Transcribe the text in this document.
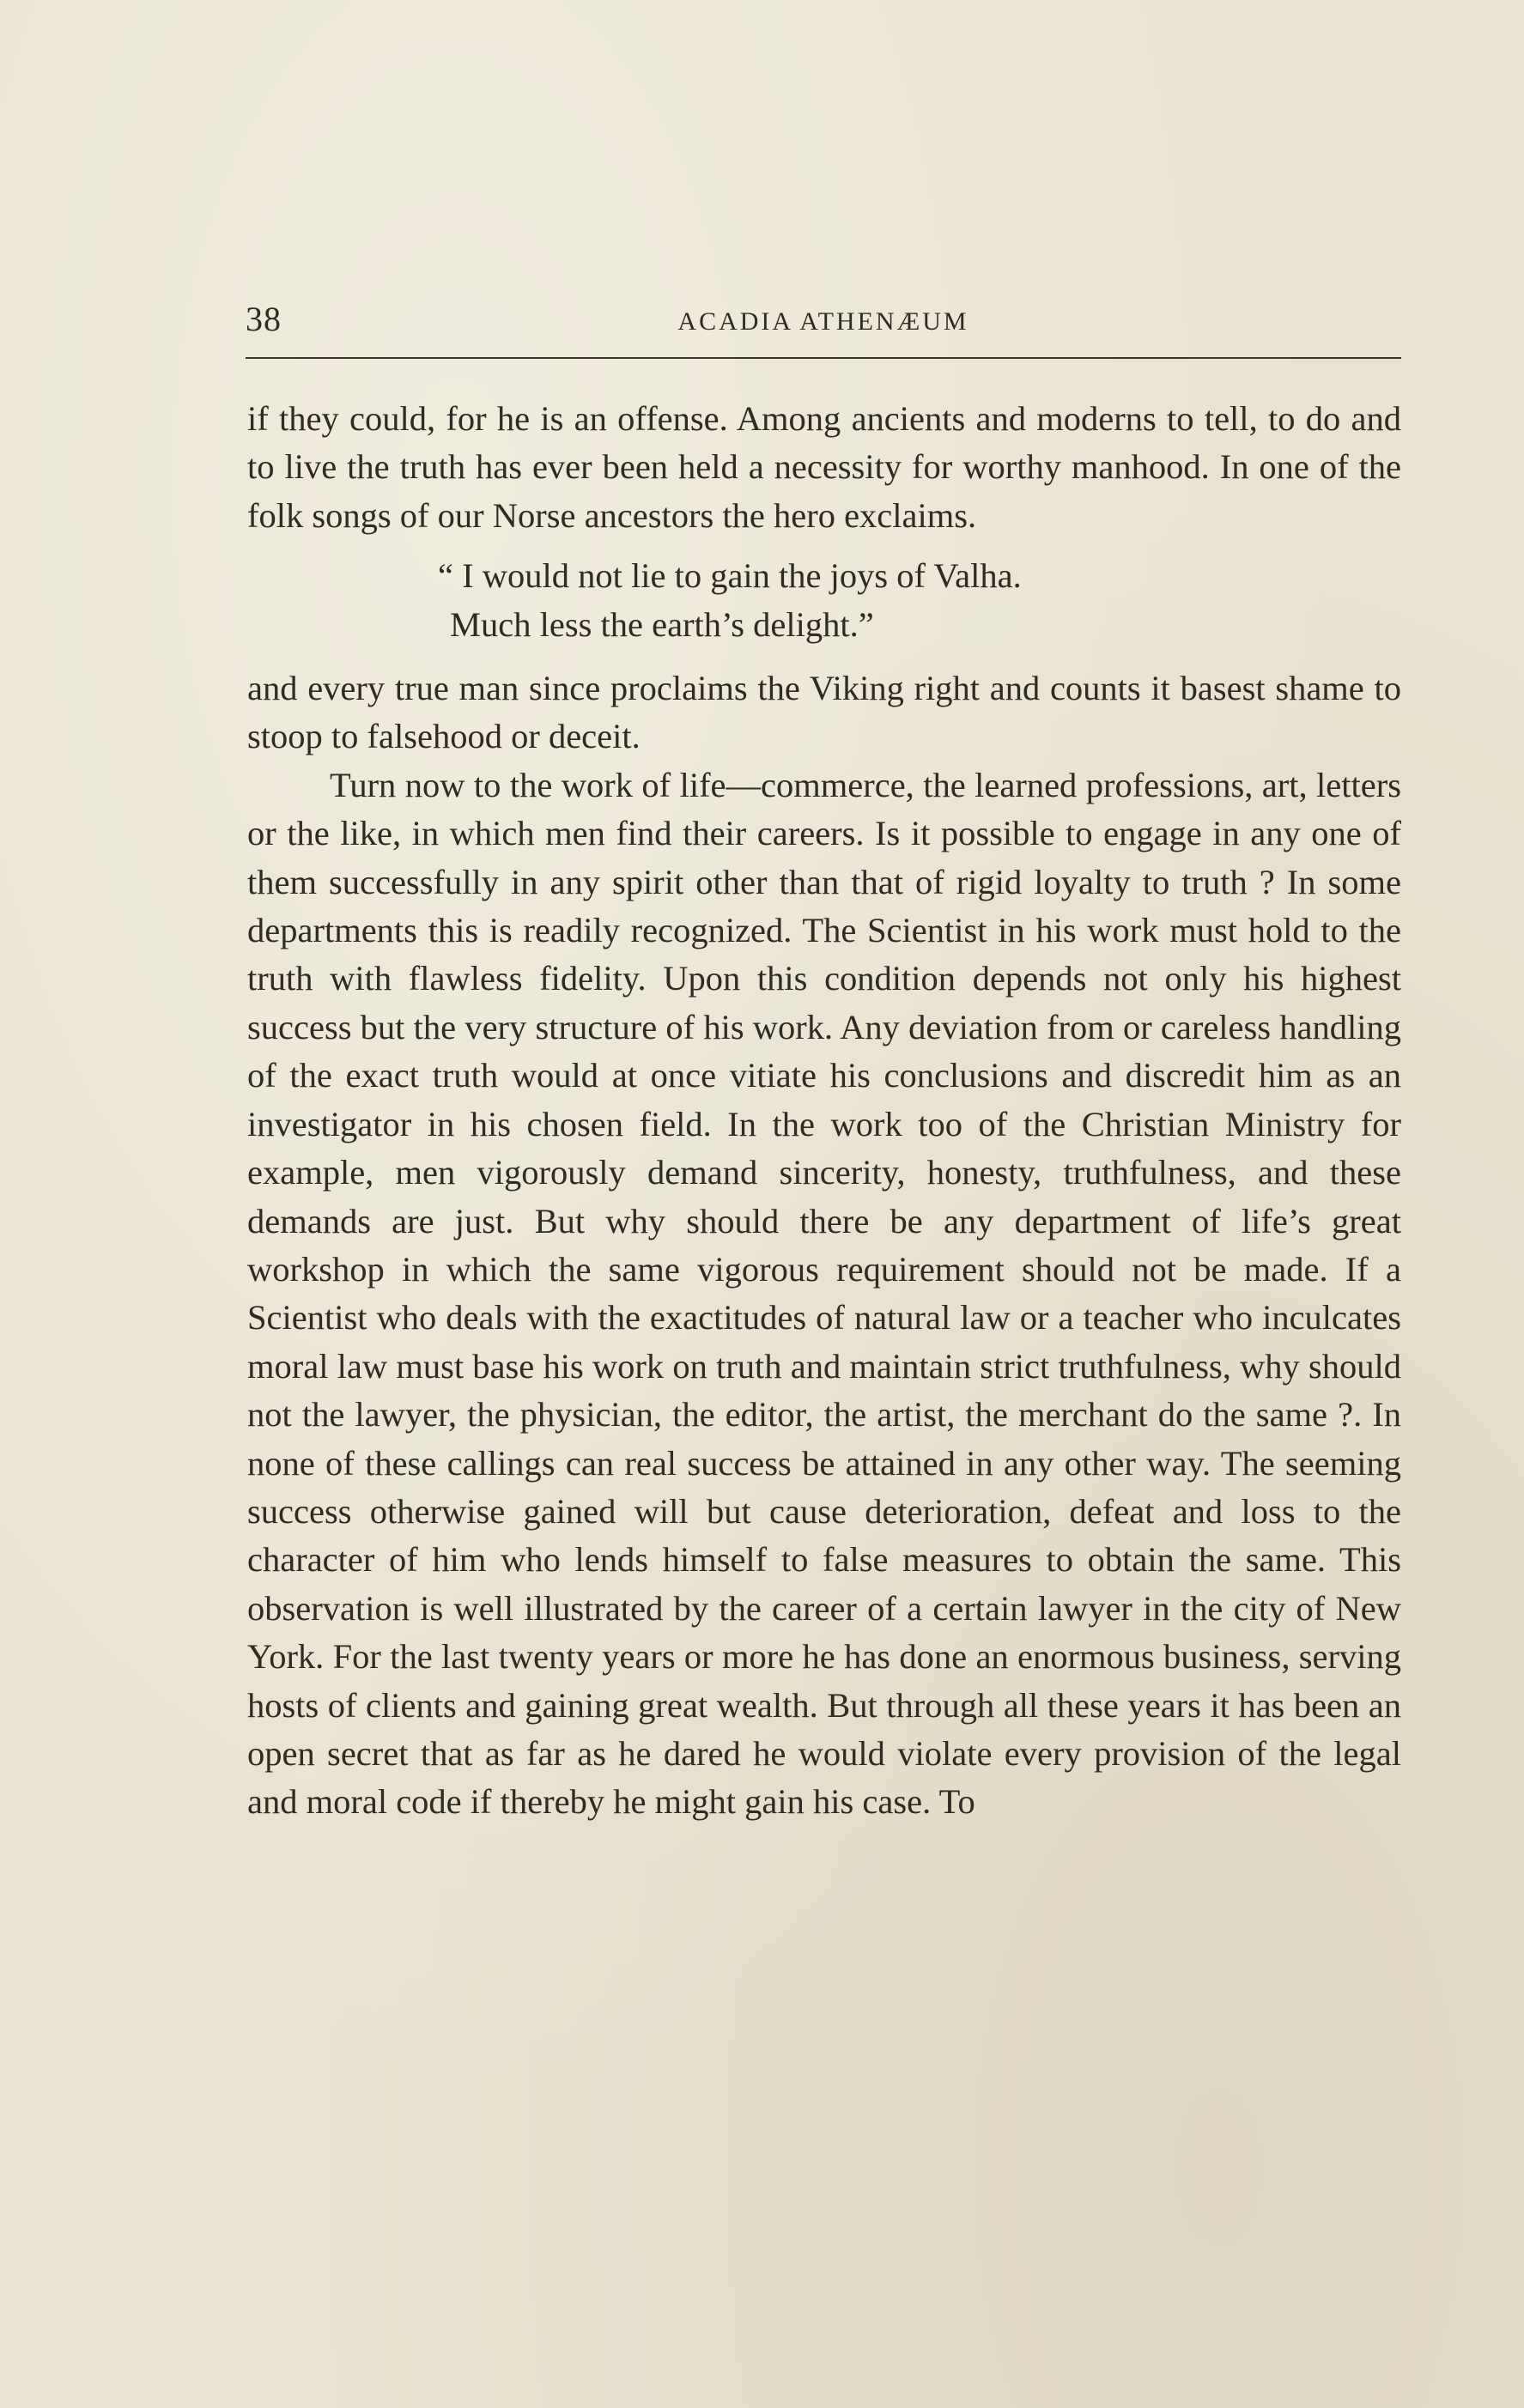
38	ACADIA ATHENÆUM

if they could, for he is an offense. Among ancients and moderns to tell, to do and to live the truth has ever been held a necessity for worthy manhood. In one of the folk songs of our Norse ancestors the hero exclaims.

“ I would not lie to gain the joys of Valha.
Much less the earth’s delight.”

and every true man since proclaims the Viking right and counts it basest shame to stoop to falsehood or deceit.

Turn now to the work of life—commerce, the learned professions, art, letters or the like, in which men find their careers. Is it possible to engage in any one of them successfully in any spirit other than that of rigid loyalty to truth ? In some departments this is readily recognized. The Scientist in his work must hold to the truth with flawless fidelity. Upon this condition depends not only his highest success but the very structure of his work. Any deviation from or careless handling of the exact truth would at once vitiate his conclusions and discredit him as an investigator in his chosen field. In the work too of the Christian Ministry for example, men vigorously demand sincerity, honesty, truthfulness, and these demands are just. But why should there be any department of life’s great workshop in which the same vigorous requirement should not be made. If a Scientist who deals with the exactitudes of natural law or a teacher who inculcates moral law must base his work on truth and maintain strict truthfulness, why should not the lawyer, the physician, the editor, the artist, the merchant do the same ?. In none of these callings can real success be attained in any other way. The seeming success otherwise gained will but cause deterioration, defeat and loss to the character of him who lends himself to false measures to obtain the same. This observation is well illustrated by the career of a certain lawyer in the city of New York. For the last twenty years or more he has done an enormous business, serving hosts of clients and gaining great wealth. But through all these years it has been an open secret that as far as he dared he would violate every provision of the legal and moral code if thereby he might gain his case. To
